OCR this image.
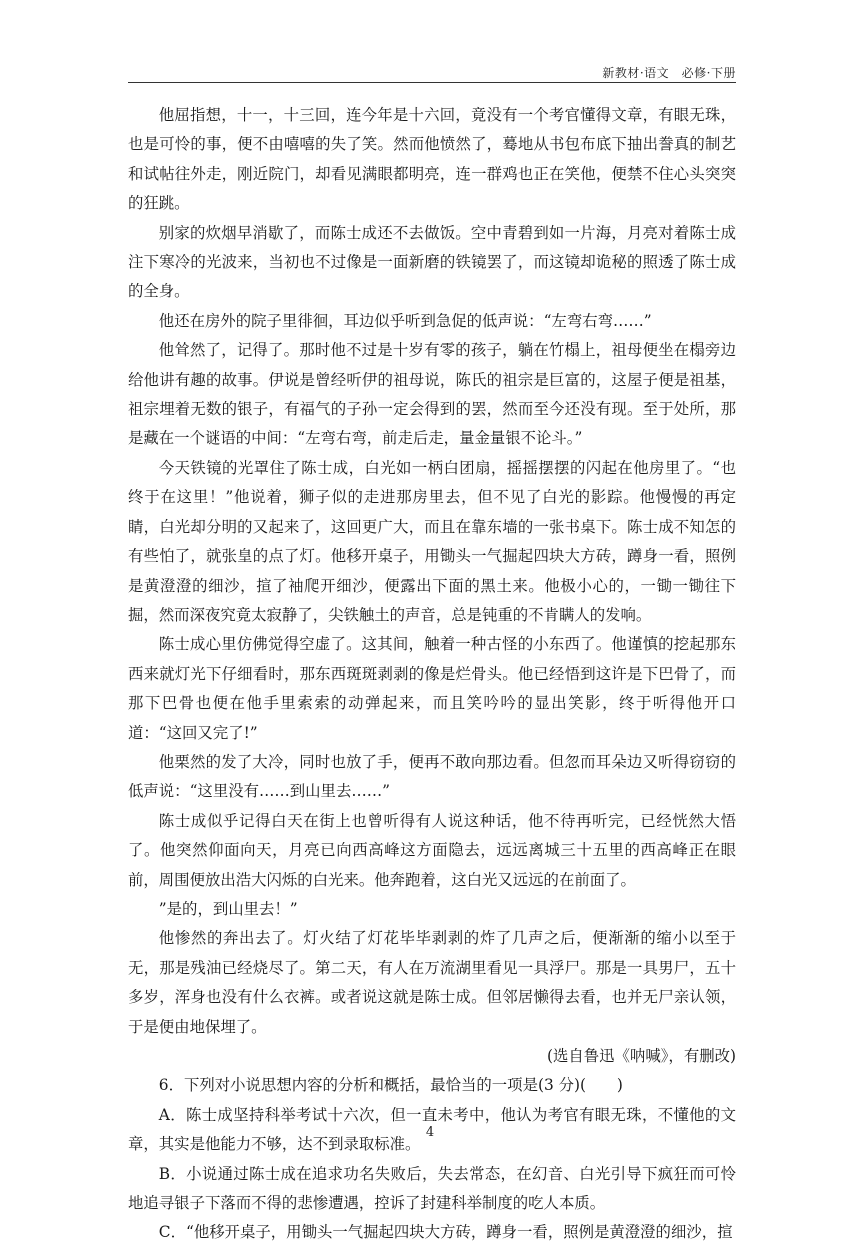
新教材·语文　必修·下册

他屈指想，十一，十三回，连今年是十六回，竟没有一个考官懂得文章，有眼无珠，也是可怜的事，便不由嘻嘻的失了笑。然而他愤然了，蓦地从书包布底下抽出誊真的制艺和试帖往外走，刚近院门，却看见满眼都明亮，连一群鸡也正在笑他，便禁不住心头突突的狂跳。

别家的炊烟早消歇了，而陈士成还不去做饭。空中青碧到如一片海，月亮对着陈士成注下寒冷的光波来，当初也不过像是一面新磨的铁镜罢了，而这镜却诡秘的照透了陈士成的全身。

他还在房外的院子里徘徊，耳边似乎听到急促的低声说：“左弯右弯……”

他耸然了，记得了。那时他不过是十岁有零的孩子，躺在竹榻上，祖母便坐在榻旁边给他讲有趣的故事。伊说是曾经听伊的祖母说，陈氏的祖宗是巨富的，这屋子便是祖基，祖宗埋着无数的银子，有福气的子孙一定会得到的罢，然而至今还没有现。至于处所，那是藏在一个谜语的中间：“左弯右弯，前走后走，量金量银不论斗。”

今天铁镜的光罩住了陈士成，白光如一柄白团扇，摇摇摆摆的闪起在他房里了。“也终于在这里！”他说着，狮子似的走进那房里去，但不见了白光的影踪。他慢慢的再定睛，白光却分明的又起来了，这回更广大，而且在靠东墙的一张书桌下。陈士成不知怎的有些怕了，就张皇的点了灯。他移开桌子，用锄头一气掘起四块大方砖，蹲身一看，照例是黄澄澄的细沙，揎了袖爬开细沙，便露出下面的黑土来。他极小心的，一锄一锄往下掘，然而深夜究竟太寂静了，尖铁触土的声音，总是钝重的不肯瞒人的发响。

陈士成心里仿佛觉得空虚了。这其间，触着一种古怪的小东西了。他谨慎的挖起那东西来就灯光下仔细看时，那东西斑斑剥剥的像是烂骨头。他已经悟到这许是下巴骨了，而那下巴骨也便在他手里索索的动弹起来，而且笑吟吟的显出笑影，终于听得他开口道：“这回又完了!”

他栗然的发了大冷，同时也放了手，便再不敢向那边看。但忽而耳朵边又听得窃窃的低声说：“这里没有……到山里去……”

陈士成似乎记得白天在街上也曾听得有人说这种话，他不待再听完，已经恍然大悟了。他突然仰面向天，月亮已向西高峰这方面隐去，远远离城三十五里的西高峰正在眼前，周围便放出浩大闪烁的白光来。他奔跑着，这白光又远远的在前面了。

”是的，到山里去！”

他惨然的奔出去了。灯火结了灯花毕毕剥剥的炸了几声之后，便渐渐的缩小以至于无，那是残油已经烧尽了。第二天，有人在万流湖里看见一具浮尸。那是一具男尸，五十多岁，浑身也没有什么衣裤。或者说这就是陈士成。但邻居懒得去看，也并无尸亲认领，于是便由地保埋了。

(选自鲁迅《呐喊》，有删改)

6．下列对小说思想内容的分析和概括，最恰当的一项是(3 分)(　　)

A．陈士成坚持科举考试十六次，但一直未考中，他认为考官有眼无珠，不懂他的文章，其实是他能力不够，达不到录取标准。

B．小说通过陈士成在追求功名失败后，失去常态，在幻音、白光引导下疯狂而可怜地追寻银子下落而不得的悲惨遭遇，控诉了封建科举制度的吃人本质。

C．“他移开桌子，用锄头一气掘起四块大方砖，蹲身一看，照例是黄澄澄的细沙，揎

4
